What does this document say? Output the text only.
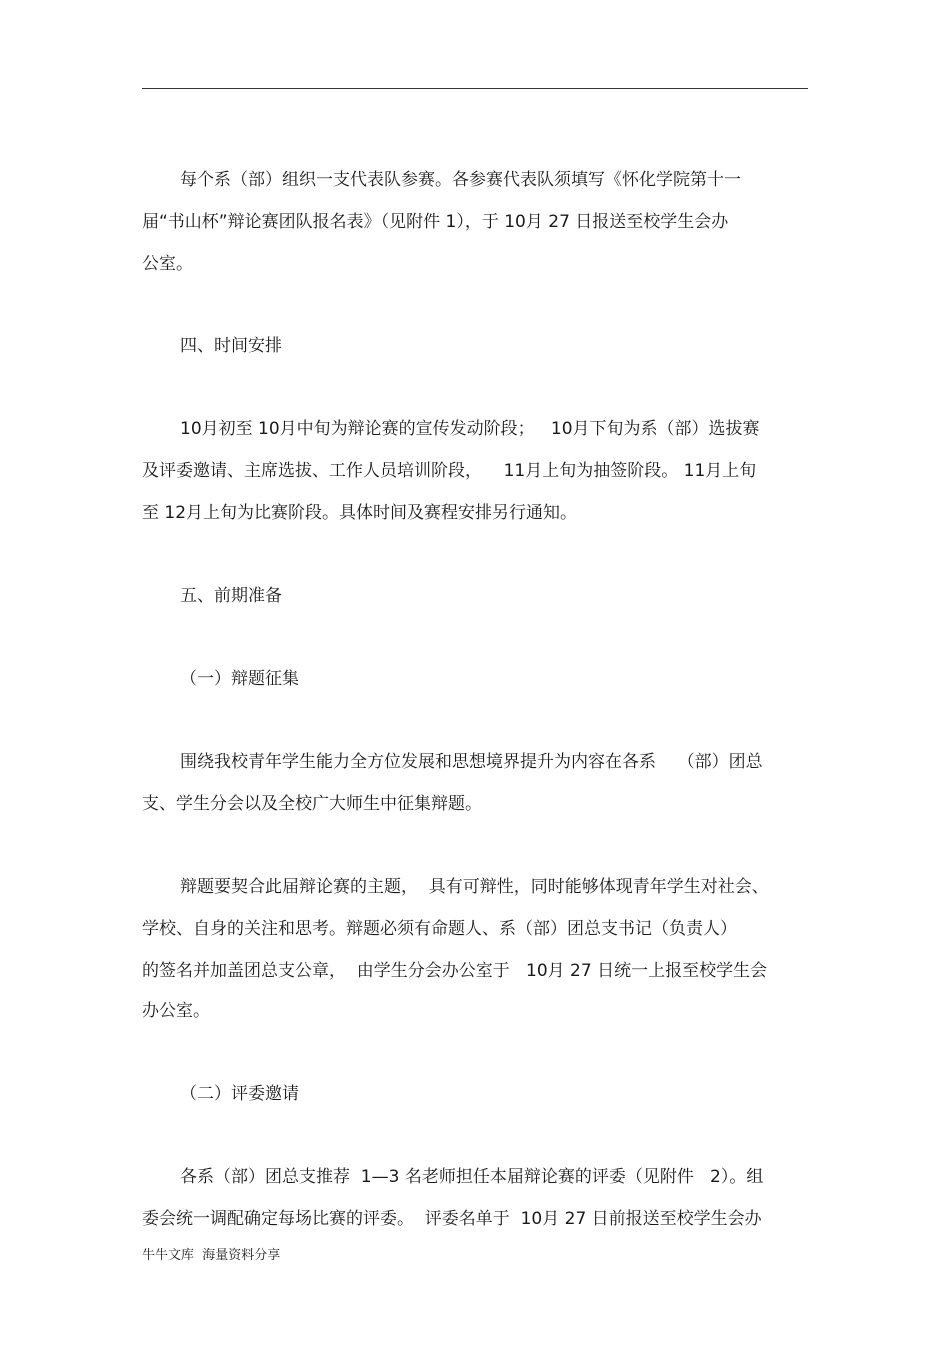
每个系（部）组织一支代表队参赛。各参赛代表队须填写《怀化学院第十一
届“书山杯”辩论赛团队报名表》（见附件 1），于 10月 27 日报送至校学生会办
公室。
四、时间安排
10月初至 10月中旬为辩论赛的宣传发动阶段；   10月下旬为系（部）选拔赛
及评委邀请、主席选拔、工作人员培训阶段，    11月上旬为抽签阶段。 11月上旬
至 12月上旬为比赛阶段。具体时间及赛程安排另行通知。
五、前期准备
（一）辩题征集
围绕我校青年学生能力全方位发展和思想境界提升为内容在各系    （部）团总
支、学生分会以及全校广大师生中征集辩题。
辩题要契合此届辩论赛的主题，  具有可辩性，同时能够体现青年学生对社会、
学校、自身的关注和思考。辩题必须有命题人、系（部）团总支书记（负责人）
的签名并加盖团总支公章，  由学生分会办公室于   10月 27 日统一上报至校学生会
办公室。
（二）评委邀请
各系（部）团总支推荐  1—3 名老师担任本届辩论赛的评委（见附件   2）。组
委会统一调配确定每场比赛的评委。  评委名单于  10月 27 日前报送至校学生会办
牛牛文库  海量资料分享
